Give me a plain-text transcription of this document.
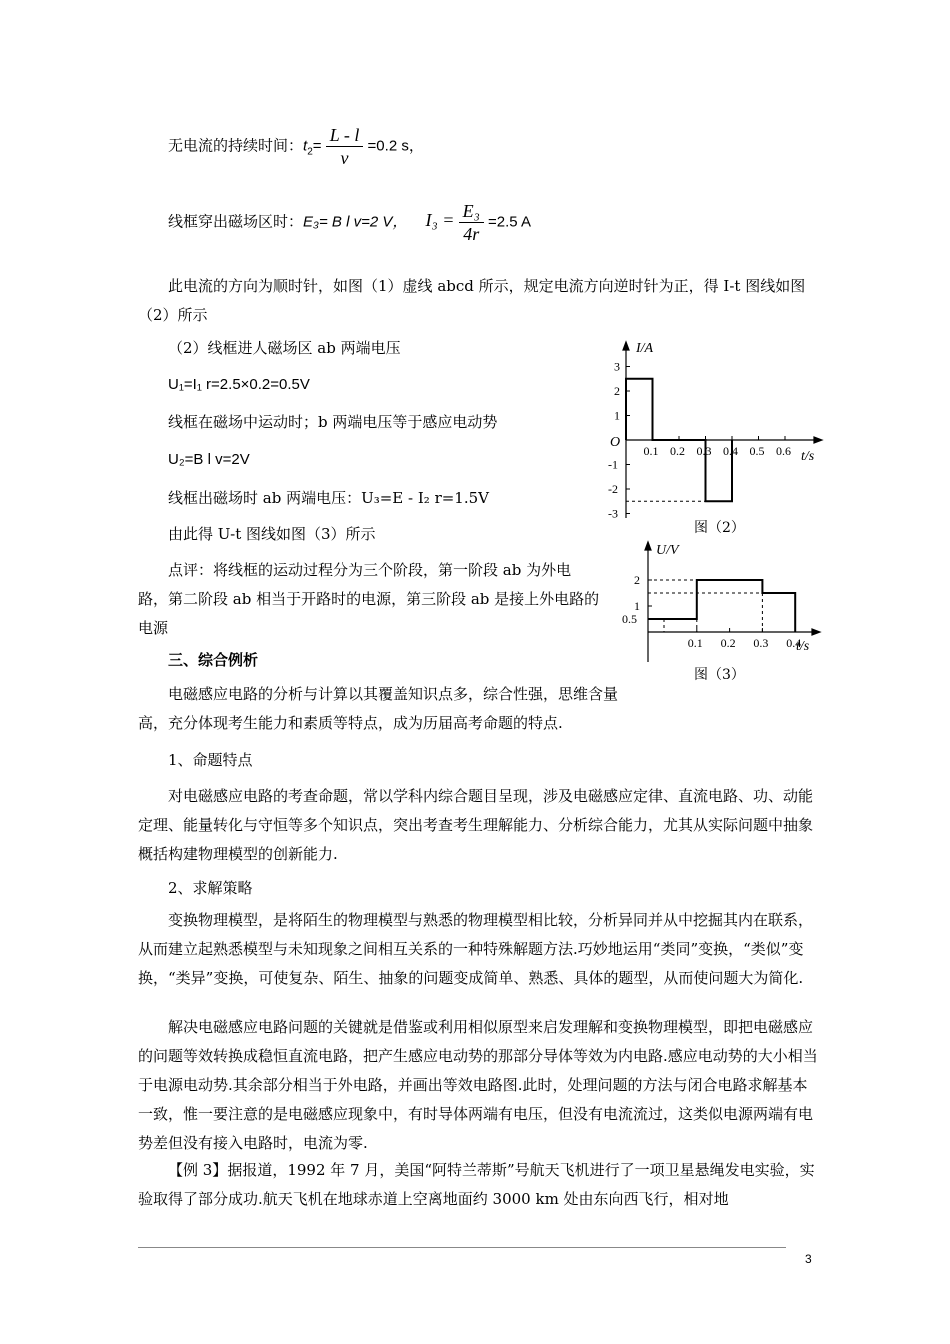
无电流的持续时间：$t_2= \frac{L - l}{v} =0.2$ s，
线框穿出磁场区时：E₃= B l v=2 V， $I_3 = \frac{\text{E₃}}{4r} =2.5$ A
此电流的方向为顺时针，如图（1）虚线 abcd 所示，规定电流方向逆时针为正，得 I-t 图线如图（2）所示
（2）线框进人磁场区 ab 两端电压
U₁=I₁ r=2.5×0.2=0.5V
线框在磁场中运动时；b 两端电压等于感应电动势
U₂=B l v=2V
线框出磁场时 ab 两端电压：U₃=E - I₂ r=1.5V
由此得 U-t 图线如图（3）所示
点评：将线框的运动过程分为三个阶段，第一阶段 ab 为外电路，第二阶段 ab 相当于开路时的电源，第三阶段 ab 是接上外电路的电源
三、综合例析
电磁感应电路的分析与计算以其覆盖知识点多，综合性强，思维含量高，充分体现考生能力和素质等特点，成为历届高考命题的特点.
1、命题特点
对电磁感应电路的考查命题，常以学科内综合题目呈现，涉及电磁感应定律、直流电路、功、动能定理、能量转化与守恒等多个知识点，突出考查考生理解能力、分析综合能力，尤其从实际问题中抽象概括构建物理模型的创新能力.
2、求解策略
变换物理模型，是将陌生的物理模型与熟悉的物理模型相比较，分析异同并从中挖掘其内在联系，从而建立起熟悉模型与未知现象之间相互关系的一种特殊解题方法.巧妙地运用“类同”变换，“类似”变换，“类异”变换，可使复杂、陌生、抽象的问题变成简单、熟悉、具体的题型，从而使问题大为简化.
解决电磁感应电路问题的关键就是借鉴或利用相似原型来启发理解和变换物理模型，即把电磁感应的问题等效转换成稳恒直流电路，把产生感应电动势的那部分导体等效为内电路.感应电动势的大小相当于电源电动势.其余部分相当于外电路，并画出等效电路图.此时，处理问题的方法与闭合电路求解基本一致，惟一要注意的是电磁感应现象中，有时导体两端有电压，但没有电流流过，这类似电源两端有电势差但没有接入电路时，电流为零.
【例 3】据报道，1992 年 7 月，美国“阿特兰蒂斯”号航天飞机进行了一项卫星悬绳发电实验，实验取得了部分成功.航天飞机在地球赤道上空离地面约 3000 km 处由东向西飞行，相对地
0.1 0.2 0.3 0.4 0.5 0.6
3
2
1
-1
-2
-3
I/A
t/s
O
图（2）
0.1 0.2 0.3 0.4
2
1
0.5
U/V
t/s
图（3）
3
